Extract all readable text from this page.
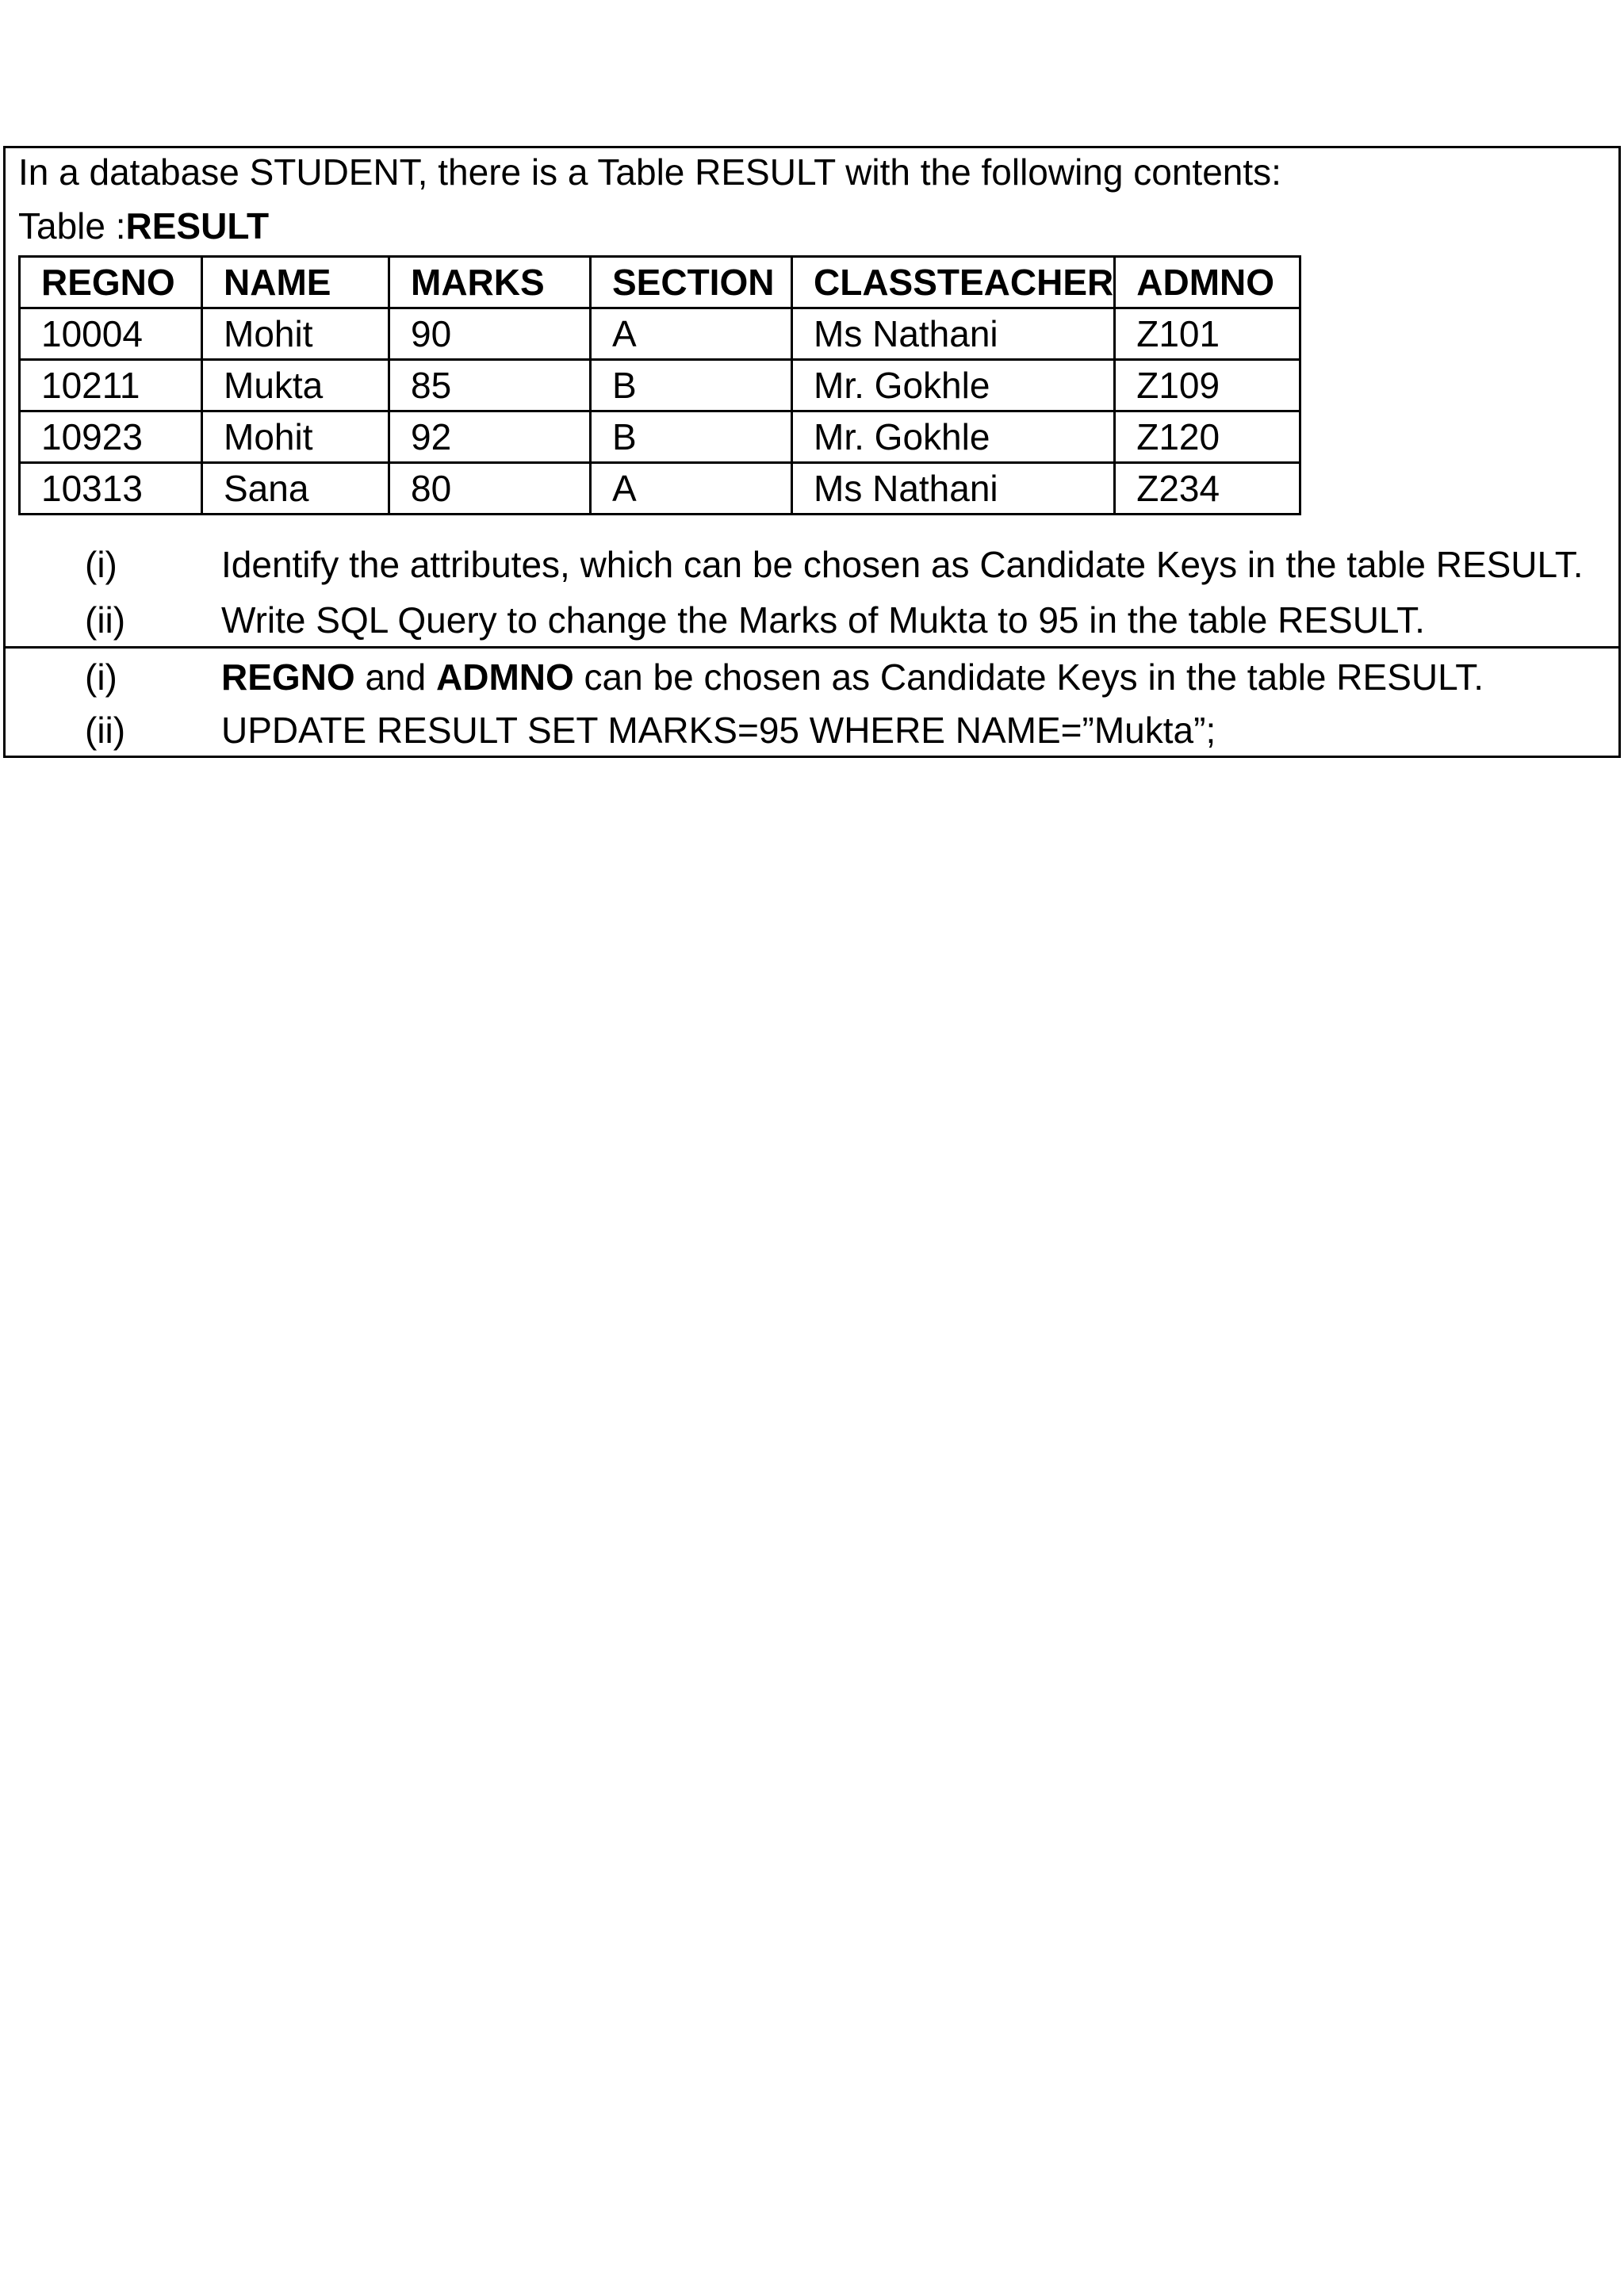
In a database STUDENT, there is a Table RESULT with the following contents:
Table :RESULT
REGNO	NAME	MARKS	SECTION	CLASSTEACHER	ADMNO
10004	Mohit	90	A	Ms Nathani	Z101
10211	Mukta	85	B	Mr. Gokhle	Z109
10923	Mohit	92	B	Mr. Gokhle	Z120
10313	Sana	80	A	Ms Nathani	Z234
(i)	Identify the attributes, which can be chosen as Candidate Keys in the table RESULT.
(ii)	Write SQL Query to change the Marks of Mukta to 95 in the table RESULT.
(i)	REGNO and ADMNO can be chosen as Candidate Keys in the table RESULT.
(ii)	UPDATE RESULT SET MARKS=95 WHERE NAME=”Mukta”;
